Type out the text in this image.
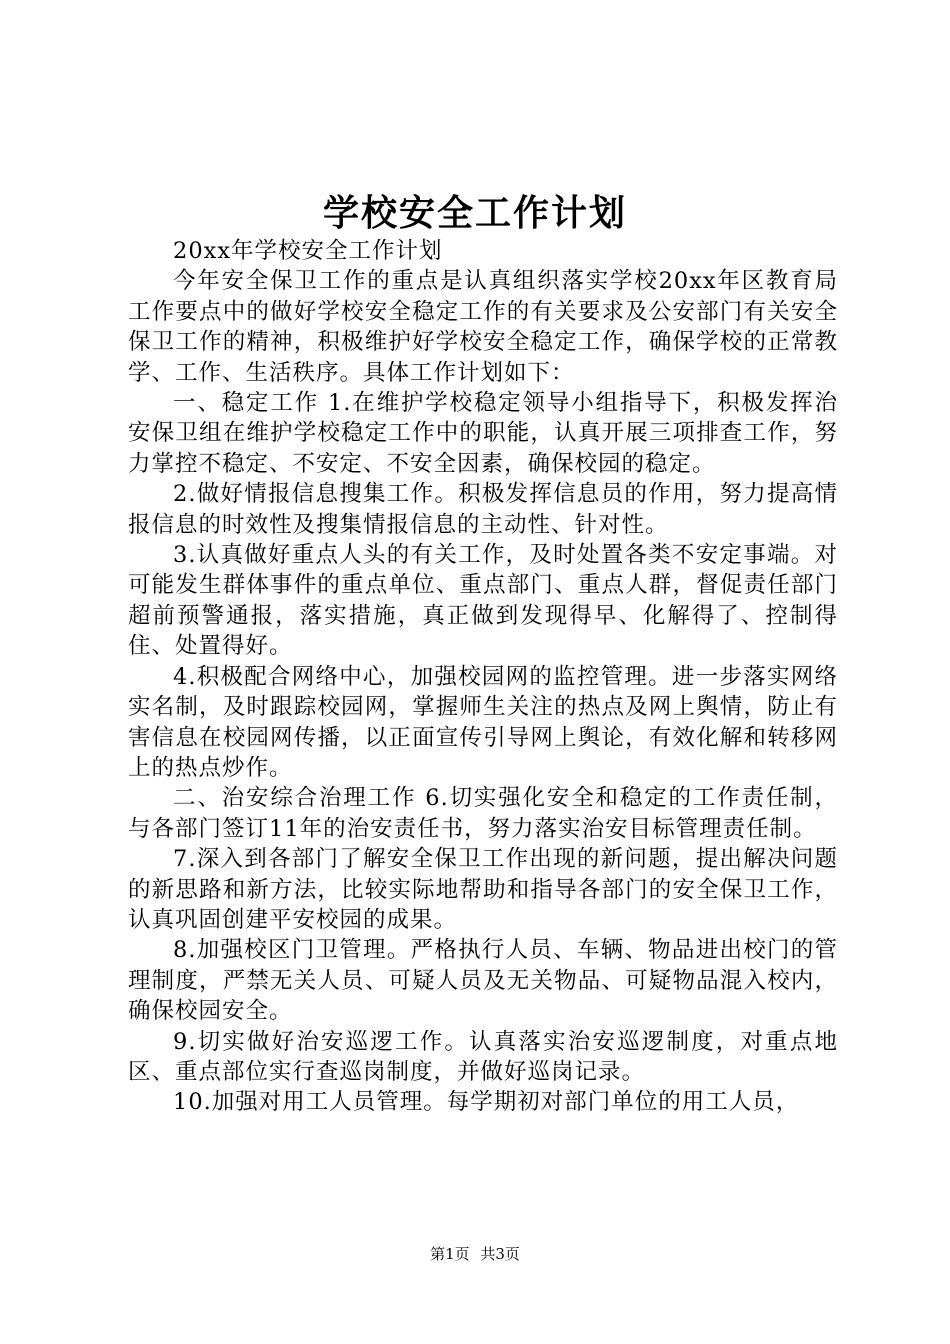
学校安全工作计划

20xx年学校安全工作计划

今年安全保卫工作的重点是认真组织落实学校20xx年区教育局工作要点中的做好学校安全稳定工作的有关要求及公安部门有关安全保卫工作的精神，积极维护好学校安全稳定工作，确保学校的正常教学、工作、生活秩序。具体工作计划如下：

一、稳定工作 1.在维护学校稳定领导小组指导下，积极发挥治安保卫组在维护学校稳定工作中的职能，认真开展三项排查工作，努力掌控不稳定、不安定、不安全因素，确保校园的稳定。

2.做好情报信息搜集工作。积极发挥信息员的作用，努力提高情报信息的时效性及搜集情报信息的主动性、针对性。

3.认真做好重点人头的有关工作，及时处置各类不安定事端。对可能发生群体事件的重点单位、重点部门、重点人群，督促责任部门超前预警通报，落实措施，真正做到发现得早、化解得了、控制得住、处置得好。

4.积极配合网络中心，加强校园网的监控管理。进一步落实网络实名制，及时跟踪校园网，掌握师生关注的热点及网上舆情，防止有害信息在校园网传播，以正面宣传引导网上舆论，有效化解和转移网上的热点炒作。

二、治安综合治理工作 6.切实强化安全和稳定的工作责任制，与各部门签订11年的治安责任书，努力落实治安目标管理责任制。

7.深入到各部门了解安全保卫工作出现的新问题，提出解决问题的新思路和新方法，比较实际地帮助和指导各部门的安全保卫工作，认真巩固创建平安校园的成果。

8.加强校区门卫管理。严格执行人员、车辆、物品进出校门的管理制度，严禁无关人员、可疑人员及无关物品、可疑物品混入校内，确保校园安全。

9.切实做好治安巡逻工作。认真落实治安巡逻制度，对重点地区、重点部位实行查巡岗制度，并做好巡岗记录。

10.加强对用工人员管理。每学期初对部门单位的用工人员，

第1页 共3页
